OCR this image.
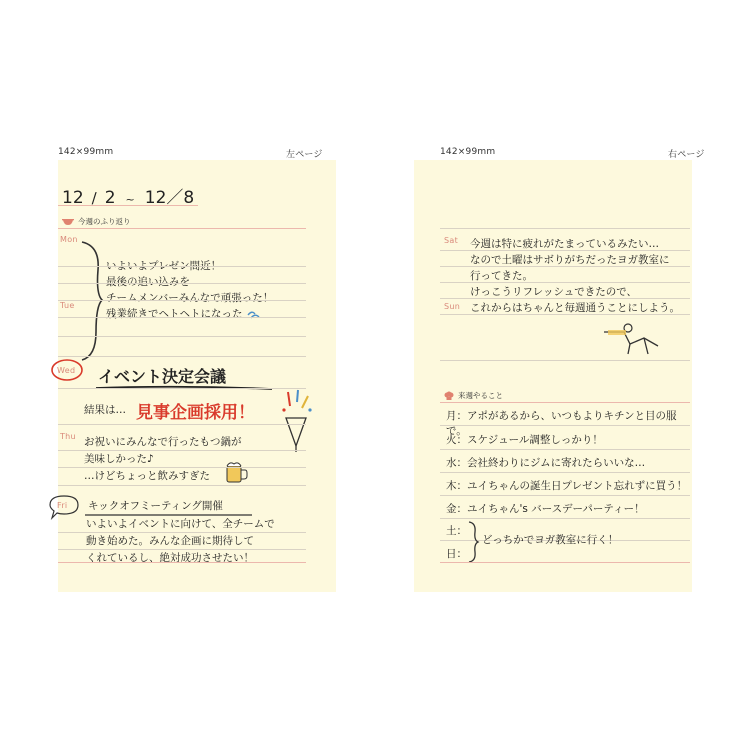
142×99mm	左ページ
12 ∕ 2 ~ 12／8
今週のふり返り
Mon
Tue
いよいよプレゼン間近！
最後の追い込みを
チームメンバーみんなで頑張った！
残業続きでヘトヘトになった
Wed イベント決定会議
結果は… 見事企画採用！
Thu お祝いにみんなで行ったもつ鍋が
美味しかった♪
…けどちょっと飲みすぎた
Fri キックオフミーティング開催
いよいよイベントに向けて、全チームで
動き始めた。みんな企画に期待して
くれているし、絶対成功させたい！
142×99mm	右ページ
Sat
Sun
今週は特に疲れがたまっているみたい…
なので土曜はサボりがちだったヨガ教室に
行ってきた。
けっこうリフレッシュできたので、
これからはちゃんと毎週通うことにしよう。
来週やること
月：アポがあるから、いつもよりキチンと目の服で。
火：スケジュール調整しっかり！
水：会社終わりにジムに寄れたらいいな…
木：ユイちゃんの誕生日プレゼント忘れずに買う！
金：ユイちゃん's バースデーパーティー！
土：
日：
どっちかでヨガ教室に行く！
